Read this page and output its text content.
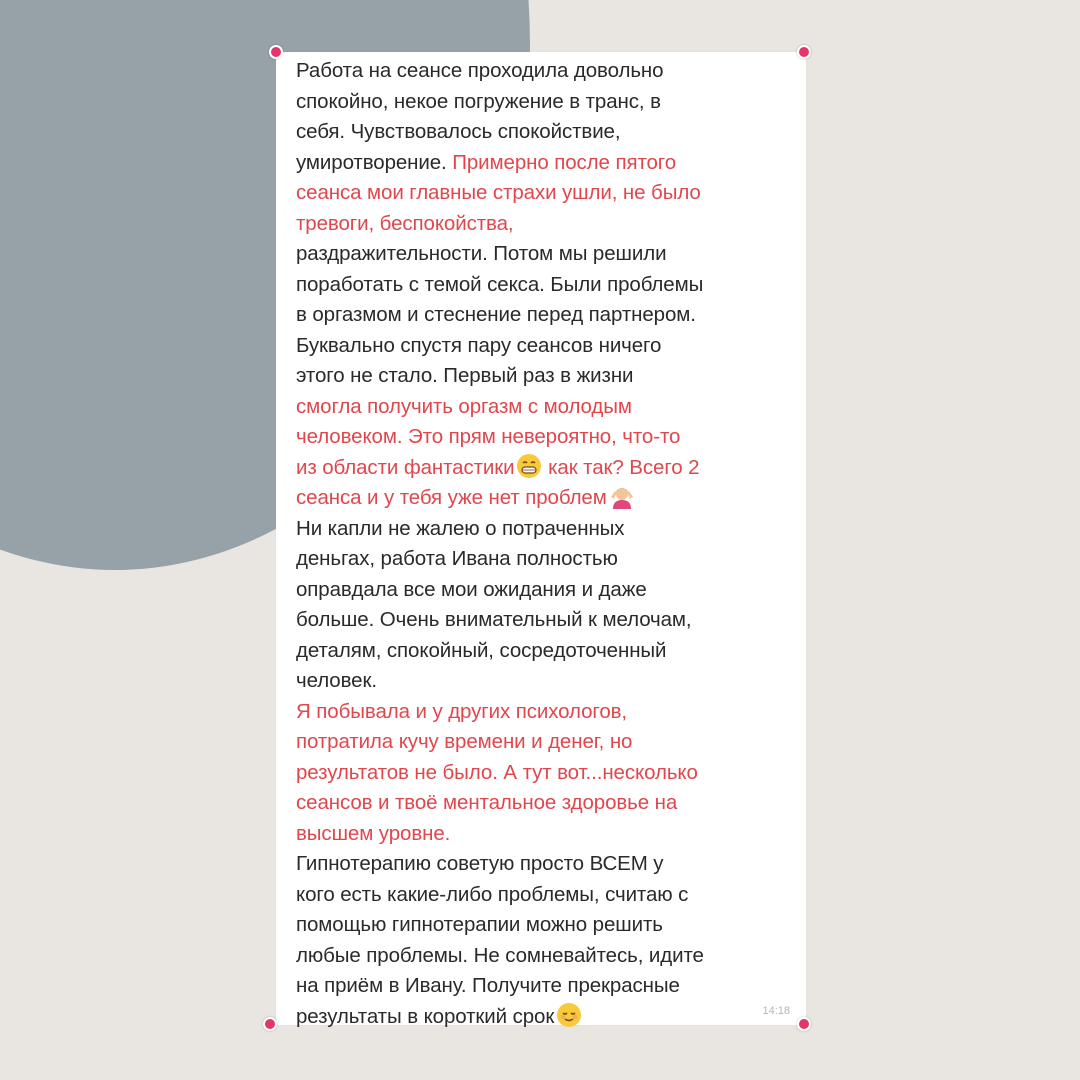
Работа на сеансе проходила довольно
спокойно, некое погружение в транс, в
себя. Чувствовалось спокойствие,
умиротворение. Примерно после пятого
сеанса мои главные страхи ушли, не было
тревоги, беспокойства,
раздражительности. Потом мы решили
поработать с темой секса. Были проблемы
в оргазмом и стеснение перед партнером.
Буквально спустя пару сеансов ничего
этого не стало. Первый раз в жизни
смогла получить оргазм с молодым
человеком. Это прям невероятно, что-то
из области фантастики как так? Всего 2
сеанса и у тебя уже нет проблем
Ни капли не жалею о потраченных
деньгах, работа Ивана полностью
оправдала все мои ожидания и даже
больше. Очень внимательный к мелочам,
деталям, спокойный, сосредоточенный
человек.
Я побывала и у других психологов,
потратила кучу времени и денег, но
результатов не было. А тут вот...несколько
сеансов и твоё ментальное здоровье на
высшем уровне.
Гипнотерапию советую просто ВСЕМ у
кого есть какие-либо проблемы, считаю с
помощью гипнотерапии можно решить
любые проблемы. Не сомневайтесь, идите
на приём в Ивану. Получите прекрасные
результаты в короткий срок	14:18
